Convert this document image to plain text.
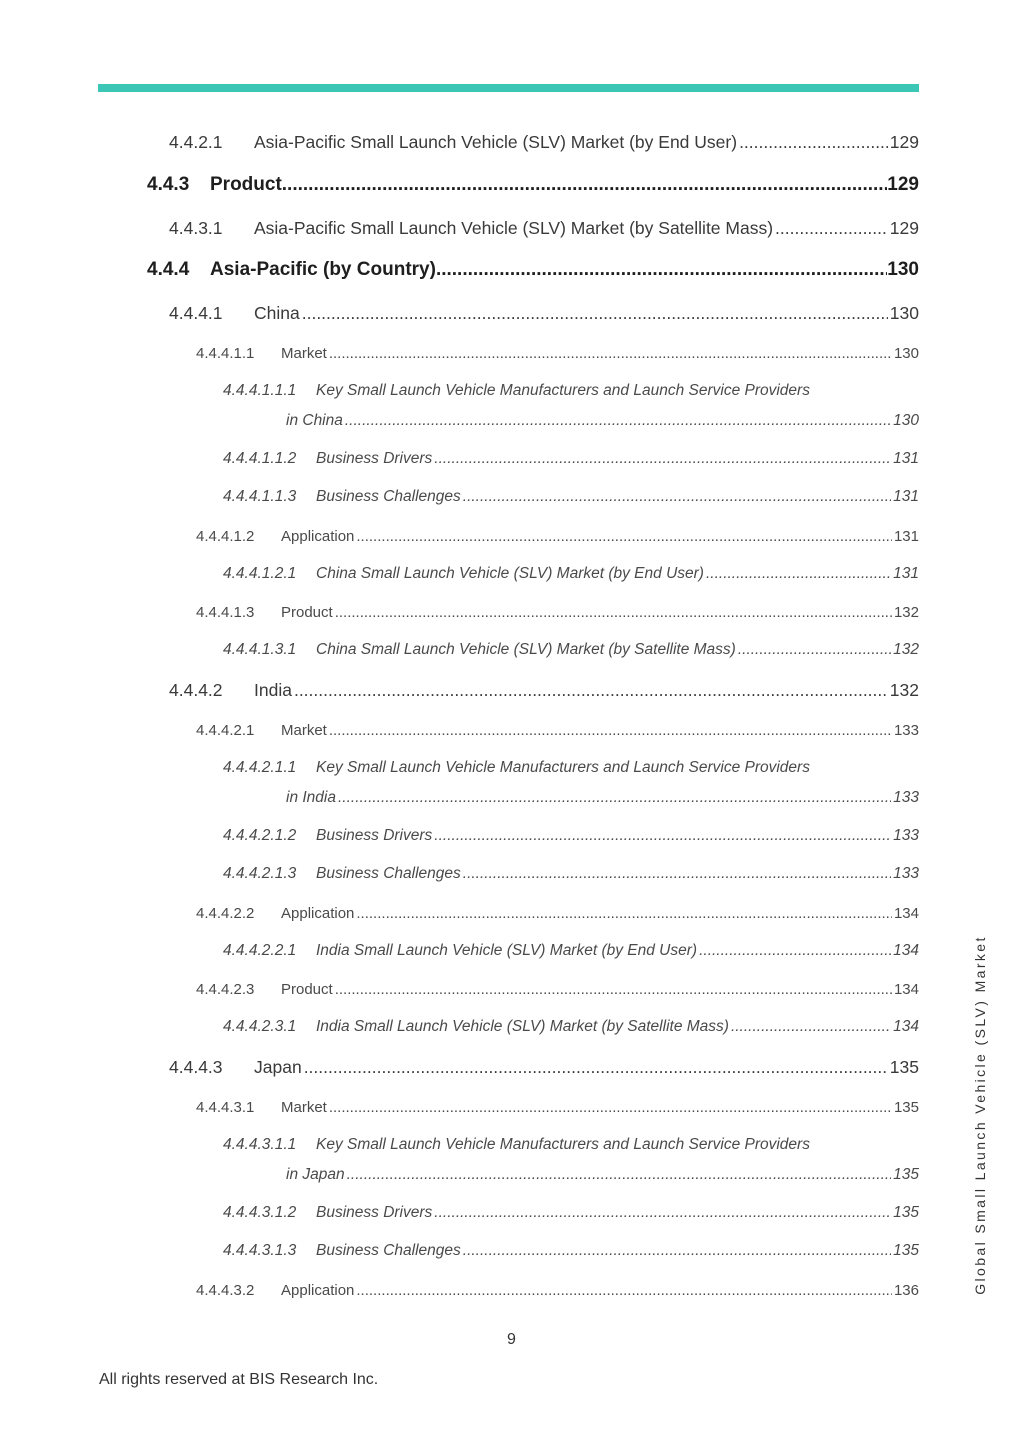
4.4.2.1	Asia-Pacific Small Launch Vehicle (SLV) Market (by End User) .....	129
4.4.3	Product .....	129
4.4.3.1	Asia-Pacific Small Launch Vehicle (SLV) Market (by Satellite Mass) .....	129
4.4.4	Asia-Pacific (by Country) .....	130
4.4.4.1	China .....	130
4.4.4.1.1	Market .....	130
4.4.4.1.1.1 Key Small Launch Vehicle Manufacturers and Launch Service Providers
in China .....	130
4.4.4.1.1.2	Business Drivers .....	131
4.4.4.1.1.3	Business Challenges .....	131
4.4.4.1.2	Application .....	131
4.4.4.1.2.1	China Small Launch Vehicle (SLV) Market (by End User) .....	131
4.4.4.1.3	Product .....	132
4.4.4.1.3.1	China Small Launch Vehicle (SLV) Market (by Satellite Mass) .....	132
4.4.4.2	India .....	132
4.4.4.2.1	Market .....	133
4.4.4.2.1.1 Key Small Launch Vehicle Manufacturers and Launch Service Providers
in India .....	133
4.4.4.2.1.2	Business Drivers .....	133
4.4.4.2.1.3	Business Challenges .....	133
4.4.4.2.2	Application .....	134
4.4.4.2.2.1	India Small Launch Vehicle (SLV) Market (by End User) .....	134
4.4.4.2.3	Product .....	134
4.4.4.2.3.1	India Small Launch Vehicle (SLV) Market (by Satellite Mass) .....	134
4.4.4.3	Japan .....	135
4.4.4.3.1	Market .....	135
4.4.4.3.1.1 Key Small Launch Vehicle Manufacturers and Launch Service Providers
in Japan .....	135
4.4.4.3.1.2	Business Drivers .....	135
4.4.4.3.1.3	Business Challenges .....	135
4.4.4.3.2	Application .....	136	Global Small Launch Vehicle (SLV) Market
9
All rights reserved at BIS Research Inc.
